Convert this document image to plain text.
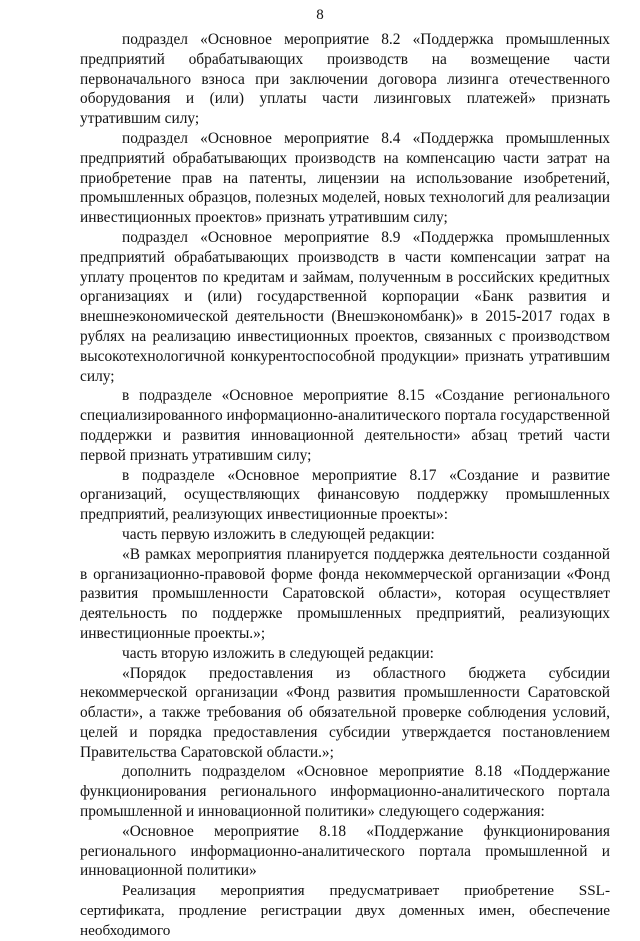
8

подраздел «Основное мероприятие 8.2 «Поддержка промышленных предприятий обрабатывающих производств на возмещение части первоначального взноса при заключении договора лизинга отечественного оборудования и (или) уплаты части лизинговых платежей» признать утратившим силу;

подраздел «Основное мероприятие 8.4 «Поддержка промышленных предприятий обрабатывающих производств на компенсацию части затрат на приобретение прав на патенты, лицензии на использование изобретений, промышленных образцов, полезных моделей, новых технологий для реализации инвестиционных проектов» признать утратившим силу;

подраздел «Основное мероприятие 8.9 «Поддержка промышленных предприятий обрабатывающих производств в части компенсации затрат на уплату процентов по кредитам и займам, полученным в российских кредитных организациях и (или) государственной корпорации «Банк развития и внешнеэкономической деятельности (Внешэкономбанк)» в 2015-2017 годах в рублях на реализацию инвестиционных проектов, связанных с производством высокотехнологичной конкурентоспособной продукции» признать утратившим силу;

в подразделе «Основное мероприятие 8.15 «Создание регионального специализированного информационно-аналитического портала государственной поддержки и развития инновационной деятельности» абзац третий части первой признать утратившим силу;

в подразделе «Основное мероприятие 8.17 «Создание и развитие организаций, осуществляющих финансовую поддержку промышленных предприятий, реализующих инвестиционные проекты»:

часть первую изложить в следующей редакции:

«В рамках мероприятия планируется поддержка деятельности созданной в организационно-правовой форме фонда некоммерческой организации «Фонд развития промышленности Саратовской области», которая осуществляет деятельность по поддержке промышленных предприятий, реализующих инвестиционные проекты.»;

часть вторую изложить в следующей редакции:

«Порядок предоставления из областного бюджета субсидии некоммерческой организации «Фонд развития промышленности Саратовской области», а также требования об обязательной проверке соблюдения условий, целей и порядка предоставления субсидии утверждается постановлением Правительства Саратовской области.»;

дополнить подразделом «Основное мероприятие 8.18 «Поддержание функционирования регионального информационно-аналитического портала промышленной и инновационной политики» следующего содержания:

«Основное мероприятие 8.18 «Поддержание функционирования регионального информационно-аналитического портала промышленной и инновационной политики»

Реализация мероприятия предусматривает приобретение SSL-сертификата, продление регистрации двух доменных имен, обеспечение необходимого
